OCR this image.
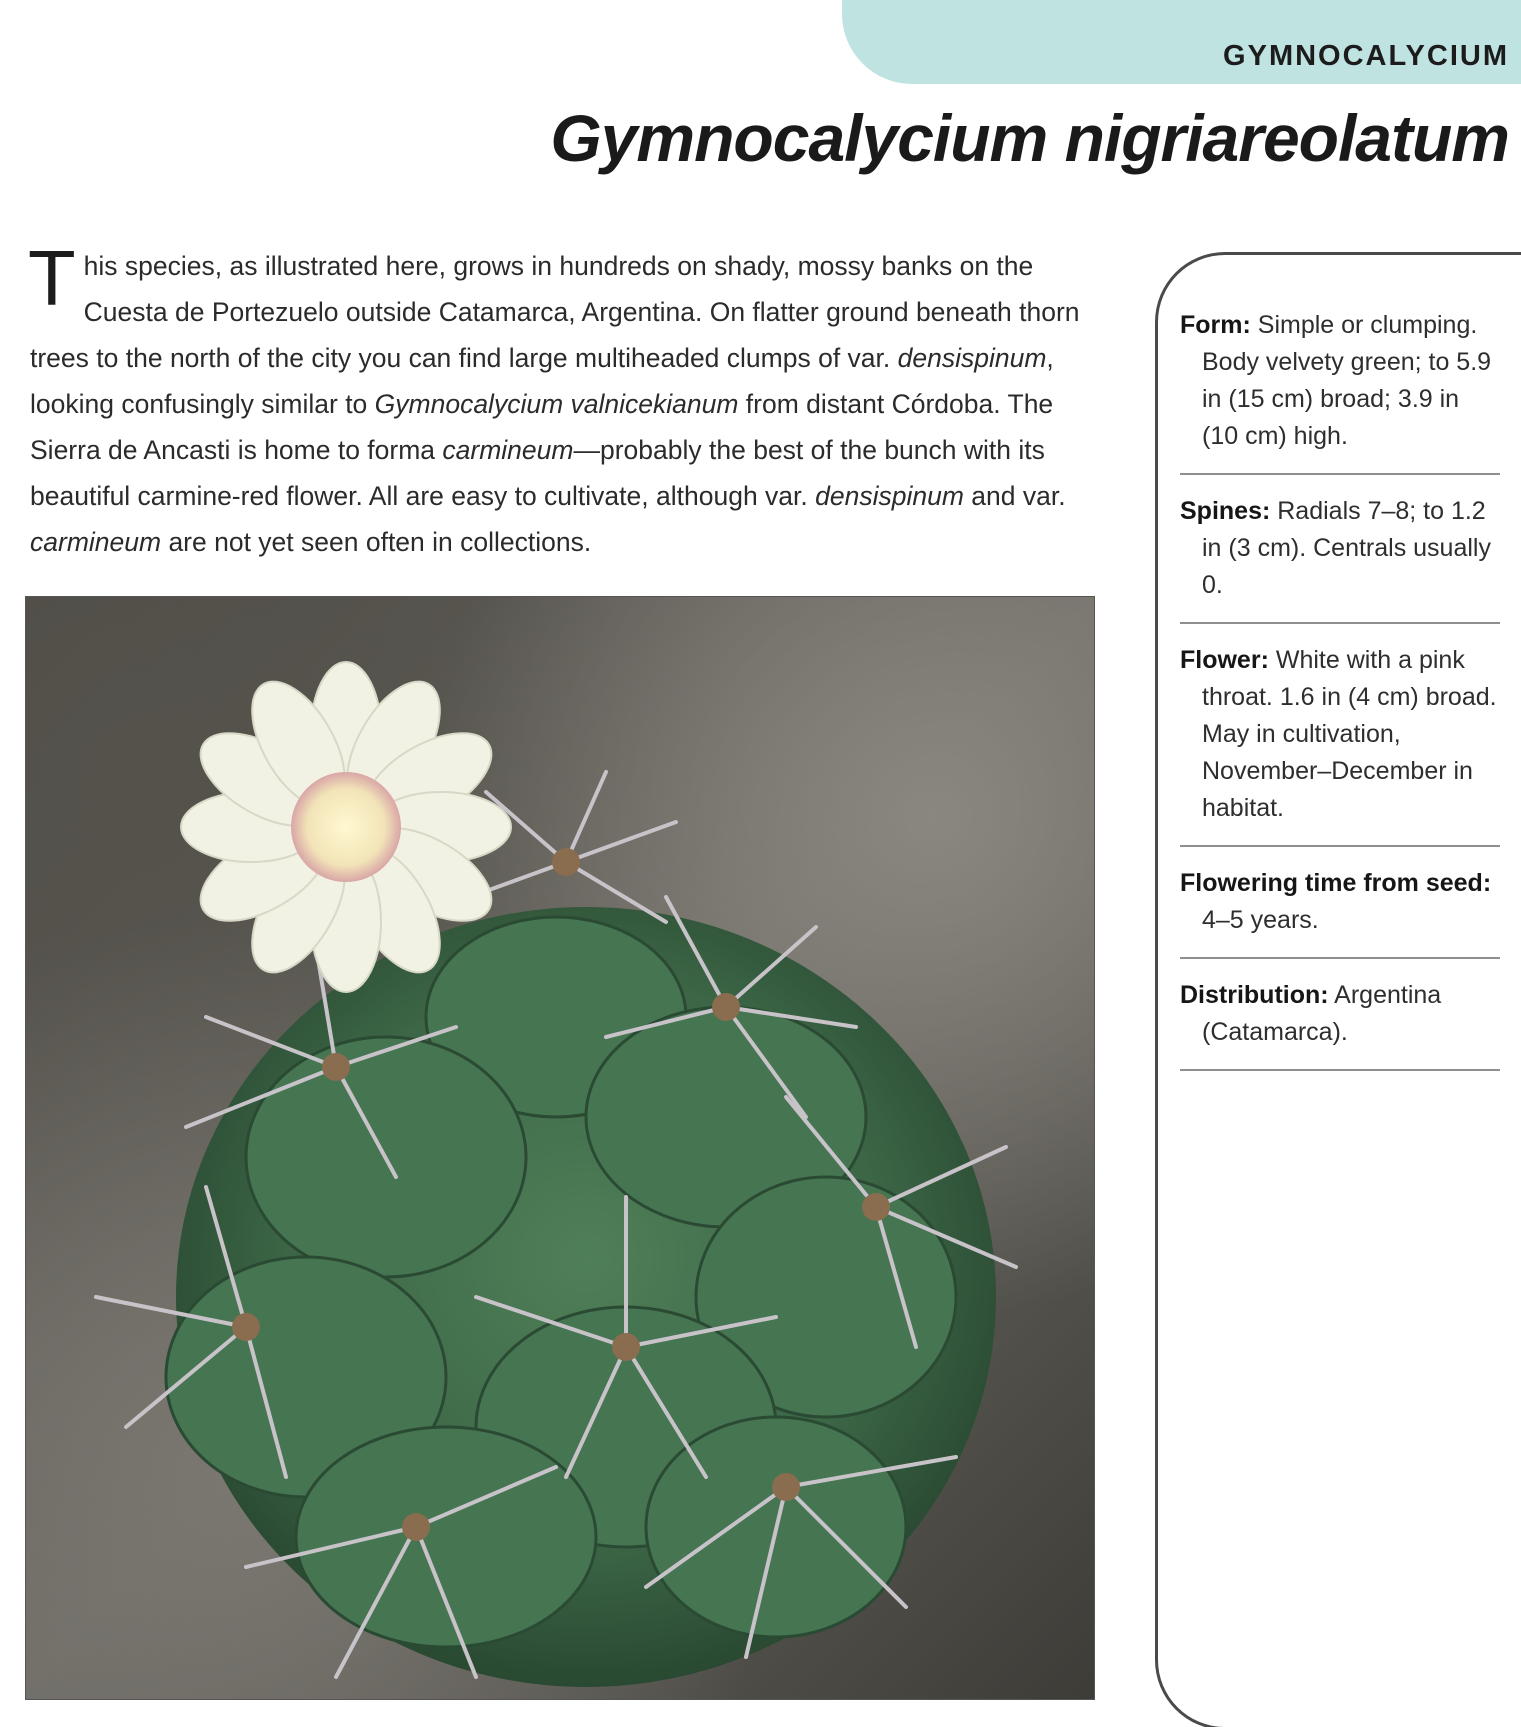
GYMNOCALYCIUM
Gymnocalycium nigriareolatum
This species, as illustrated here, grows in hundreds on shady, mossy banks on the Cuesta de Portezuelo outside Catamarca, Argentina. On flatter ground beneath thorn trees to the north of the city you can find large multiheaded clumps of var. densispinum, looking confusingly similar to Gymnocalycium valnicekianum from distant Córdoba. The Sierra de Ancasti is home to forma carmineum—probably the best of the bunch with its beautiful carmine-red flower. All are easy to cultivate, although var. densispinum and var. carmineum are not yet seen often in collections.
Form: Simple or clumping. Body velvety green; to 5.9 in (15 cm) broad; 3.9 in (10 cm) high.
Spines: Radials 7–8; to 1.2 in (3 cm). Centrals usually 0.
Flower: White with a pink throat. 1.6 in (4 cm) broad. May in cultivation, November–December in habitat.
Flowering time from seed: 4–5 years.
Distribution: Argentina (Catamarca).
